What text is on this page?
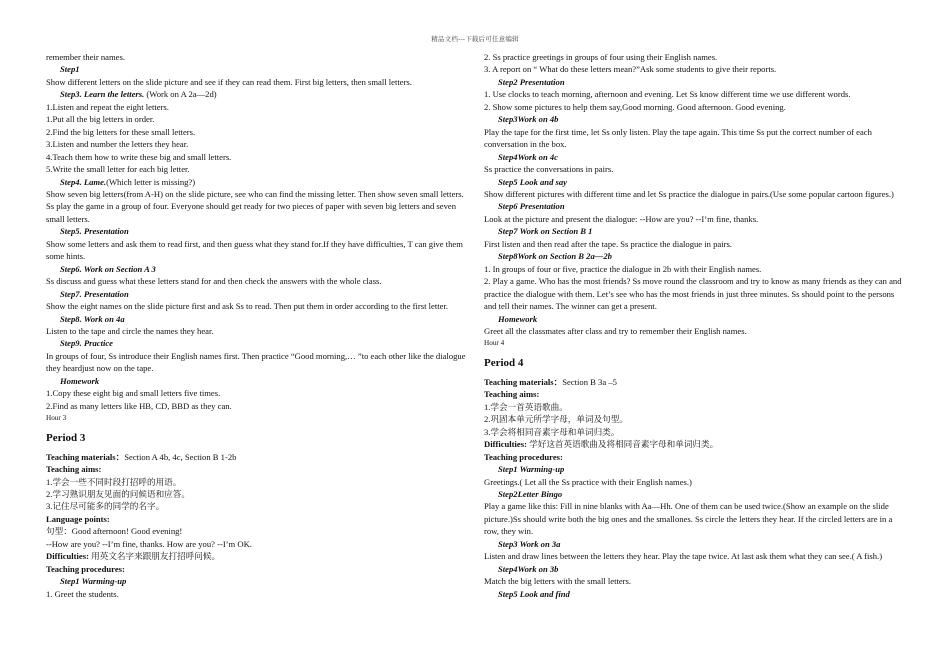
精品文档---下载后可任意编辑
remember their names.
Step1
Show different letters on the slide picture and see if they can read them. First big letters, then small letters.
Step3. Learn the letters. (Work on A 2a—2d)
1.Listen and repeat the eight letters.
1.Put all the big letters in order.
2.Find the big letters for these small letters.
3.Listen and number the letters they hear.
4.Teach them how to write these big and small letters.
5.Write the small letter for each big letter.
Step4. Lame.(Which letter is missing?)
Show seven big letters(from A-H) on the slide picture, see who can find the missing letter. Then show seven small letters.
Ss play the game in a group of four. Everyone should get ready for two pieces of paper with seven big letters and seven small letters.
Step5. Presentation
Show some letters and ask them to read first, and then guess what they stand for.If they have difficulties, T can give them some hints.
Step6. Work on Section A 3
Ss discuss and guess what these letters stand for and then check the answers with the whole class.
Step7. Presentation
Show the eight names on the slide picture first and ask Ss to read. Then put them in order according to the first letter.
Step8. Work on 4a
Listen to the tape and circle the names they hear.
Step9. Practice
In groups of four, Ss introduce their English names first. Then practice “Good morning,… ”to each other like the dialogue they heardjust now on the tape.
Homework
1.Copy these eight big and small letters five times.
2.Find as many letters like HB, CD, BBD as they can.
Hour 3
Period 3
Teaching materials：Section A 4b, 4c, Section B 1-2b
Teaching aims:
1.学会一些不同时段打招呼的用语。
2.学习熟识朋友见面的问候语和应答。
3.记住尽可能多的同学的名字。
Language points:
句型：Good afternoon! Good evening!
--How are you? --I’m fine, thanks. How are you? --I’m OK.
Difficulties: 用英文名字来跟朋友打招呼问候。
Teaching procedures:
Step1 Warming-up
1. Greet the students.
2. Ss practice greetings in groups of four using their English names.
3. A report on “ What do these letters mean?”Ask some students to give their reports.
Step2 Presentation
1. Use clocks to teach morning, afternoon and evening. Let Ss know different time we use different words.
2. Show some pictures to help them say,Good morning. Good afternoon. Good evening.
Step3Work on 4b
Play the tape for the first time, let Ss only listen. Play the tape again. This time Ss put the correct number of each conversation in the box.
Step4Work on 4c
Ss practice the conversations in pairs.
Step5 Look and say
Show different pictures with different time and let Ss practice the dialogue in pairs.(Use some popular cartoon figures.)
Step6 Presentation
Look at the picture and present the dialogue: --How are you? --I’m fine, thanks.
Step7 Work on Section B 1
First listen and then read after the tape. Ss practice the dialogue in pairs.
Step8Work on Section B 2a—2b
1. In groups of four or five, practice the dialogue in 2b with their English names.
2. Play a game. Who has the most friends? Ss move round the classroom and try to know as many friends as they can and practice the dialogue with them. Let’s see who has the most friends in just three minutes. Ss should point to the persons and tell their names. The winner can get a present.
Homework
Greet all the classmates after class and try to remember their English names.
Hour 4
Period 4
Teaching materials：Section B 3a –5
Teaching aims:
1.学会一首英语歌曲。
2.巩固本单元所学字母，单词及句型。
3.学会将相同音素字母和单词归类。
Difficulties: 学好这首英语歌曲及将相同音素字母和单词归类。
Teaching procedures:
Step1 Warming-up
Greetings.( Let all the Ss practice with their English names.)
Step2Letter Bingo
Play a game like this: Fill in nine blanks with Aa—Hh. One of them can be used twice.(Show an example on the slide picture.)Ss should write both the big ones and the smallones. Ss circle the letters they hear. If the circled letters are in a row, they win.
Step3 Work on 3a
Listen and draw lines between the letters they hear. Play the tape twice. At last ask them what they can see.( A fish.)
Step4Work on 3b
Match the big letters with the small letters.
Step5 Look and find
